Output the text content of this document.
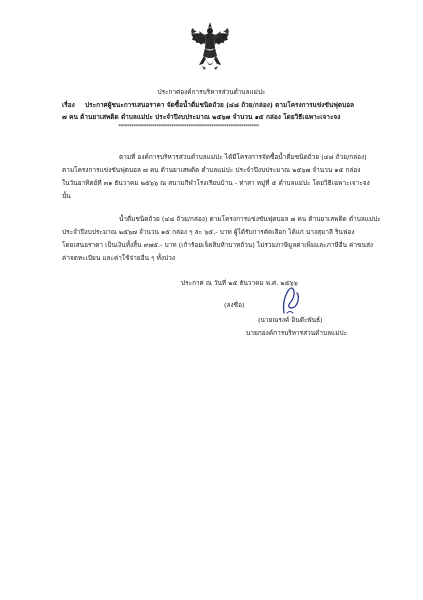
ประกาศองค์การบริหารส่วนตำบลแม่ปะ
เรื่อง ประกาศผู้ชนะการเสนอราคา จัดซื้อน้ำดื่มชนิดถ้วย (๔๘ ถ้วย/กล่อง) ตามโครงการแข่งขันฟุตบอล
๗ คน ต้านยาเสพติด ตำบลแม่ปะ ประจำปีงบประมาณ ๒๕๖๗ จำนวน ๑๕ กล่อง โดยวิธีเฉพาะเจาะจง
**************************************************************************
ตามที่ องค์การบริหารส่วนตำบลแม่ปะ ได้มีโครงการจัดซื้อน้ำดื่มชนิดถ้วย (๔๘ ถ้วย/กล่อง)
ตามโครงการแข่งขันฟุตบอล ๗ คน ต้านยาเสพติด ตำบลแม่ปะ ประจำปีงบประมาณ ๒๕๖๗ จำนวน ๑๕ กล่อง
ในวันอาทิตย์ที่ ๓๑ ธันวาคม ๒๕๖๖ ณ สนามกีฬาโรงเรียนบ้าน - ท่าสา หมู่ที่ ๕ ตำบลแม่ปะ โดยวิธีเฉพาะเจาะจง
นั้น
น้ำดื่มชนิดถ้วย (๔๘ ถ้วย/กล่อง) ตามโครงการแข่งขันฟุตบอล ๗ คน ต้านยาเสพติด ตำบลแม่ปะ
ประจำปีงบประมาณ ๒๕๖๗ จำนวน ๑๕ กล่อง ๆ ละ ๖๕.- บาท ผู้ได้รับการคัดเลือก ได้แก่ นางสุมาลี รินฟอง
โดยเสนอราคา เป็นเงินทั้งสิ้น ๙๗๕.- บาท (เก้าร้อยเจ็ดสิบห้าบาทถ้วน) ไม่รวมภาษีมูลค่าเพิ่มและภาษีอื่น ค่าขนส่ง
ค่าจดทะเบียน และค่าใช้จ่ายอื่น ๆ ทั้งปวง
ประกาศ ณ วันที่ ๒๕ ธันวาคม พ.ศ. ๒๕๖๖
(ลงชื่อ)
(นายณรงค์ อินต๊ะพันธ์)
นายกองค์การบริหารส่วนตำบลแม่ปะ
